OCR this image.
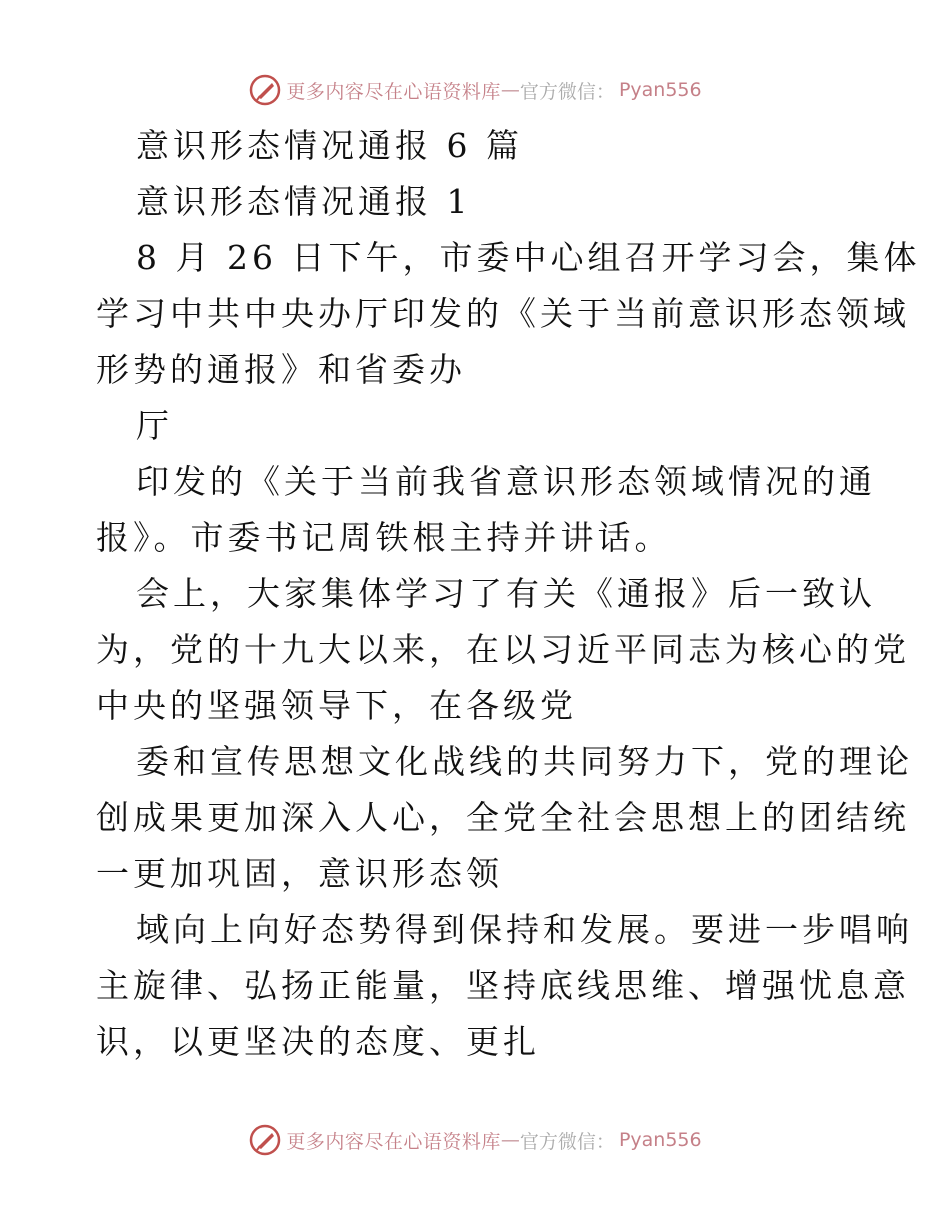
更多内容尽在心语资料库 — 官方微信： Pyan556
意识形态情况通报 6 篇
意识形态情况通报 1
8 月 26 日下午，市委中心组召开学习会，集体
学习中共中央办厅印发的《关于当前意识形态领域
形势的通报》和省委办
厅
印发的《关于当前我省意识形态领域情况的通
报》。市委书记周铁根主持并讲话。
会上，大家集体学习了有关《通报》后一致认
为，党的十九大以来，在以习近平同志为核心的党
中央的坚强领导下，在各级党
委和宣传思想文化战线的共同努力下，党的理论
创成果更加深入人心，全党全社会思想上的团结统
一更加巩固，意识形态领
域向上向好态势得到保持和发展。要进一步唱响
主旋律、弘扬正能量，坚持底线思维、增强忧息意
识，以更坚决的态度、更扎
更多内容尽在心语资料库 — 官方微信： Pyan556
